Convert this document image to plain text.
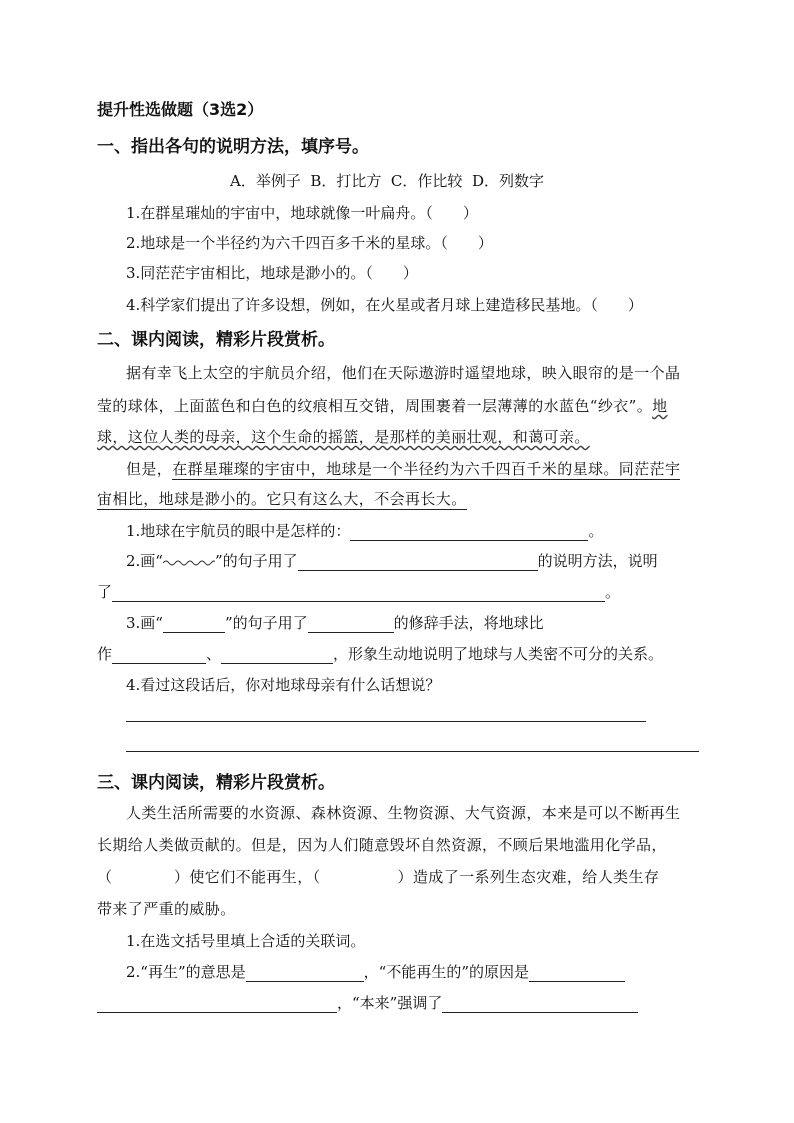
提升性选做题（3选2）
一、指出各句的说明方法，填序号。
A．举例子  B．打比方  C．作比较  D．列数字
1.在群星璀灿的宇宙中，地球就像一叶扁舟。（　　）
2.地球是一个半径约为六千四百多千米的星球。（　　）
3.同茫茫宇宙相比，地球是渺小的。（　　）
4.科学家们提出了许多设想，例如，在火星或者月球上建造移民基地。（　　）
二、课内阅读，精彩片段赏析。
据有幸飞上太空的宇航员介绍，他们在天际遨游时遥望地球，映入眼帘的是一个晶
莹的球体，上面蓝色和白色的纹痕相互交错，周围裹着一层薄薄的水蓝色“纱衣”。地
球，这位人类的母亲，这个生命的摇篮，是那样的美丽壮观，和蔼可亲。
但是，在群星璀璨的宇宙中，地球是一个半径约为六千四百千米的星球。同茫茫宇
宙相比，地球是渺小的。它只有这么大，不会再长大。
1.地球在宇航员的眼中是怎样的：	。
2.画“	”的句子用了	的说明方法，说明
了	。
3.画“	”的句子用了	的修辞手法，将地球比
作	、	，形象生动地说明了地球与人类密不可分的关系。
4.看过这段话后，你对地球母亲有什么话想说？
三、课内阅读，精彩片段赏析。
人类生活所需要的水资源、森林资源、生物资源、大气资源，本来是可以不断再生
长期给人类做贡献的。但是，因为人们随意毁坏自然资源，不顾后果地滥用化学品，
（　　　　）使它们不能再生，（　　　　　）造成了一系列生态灾难，给人类生存
带来了严重的威胁。
1.在选文括号里填上合适的关联词。
2.“再生”的意思是	，“不能再生的”的原因是
，“本来”强调了
